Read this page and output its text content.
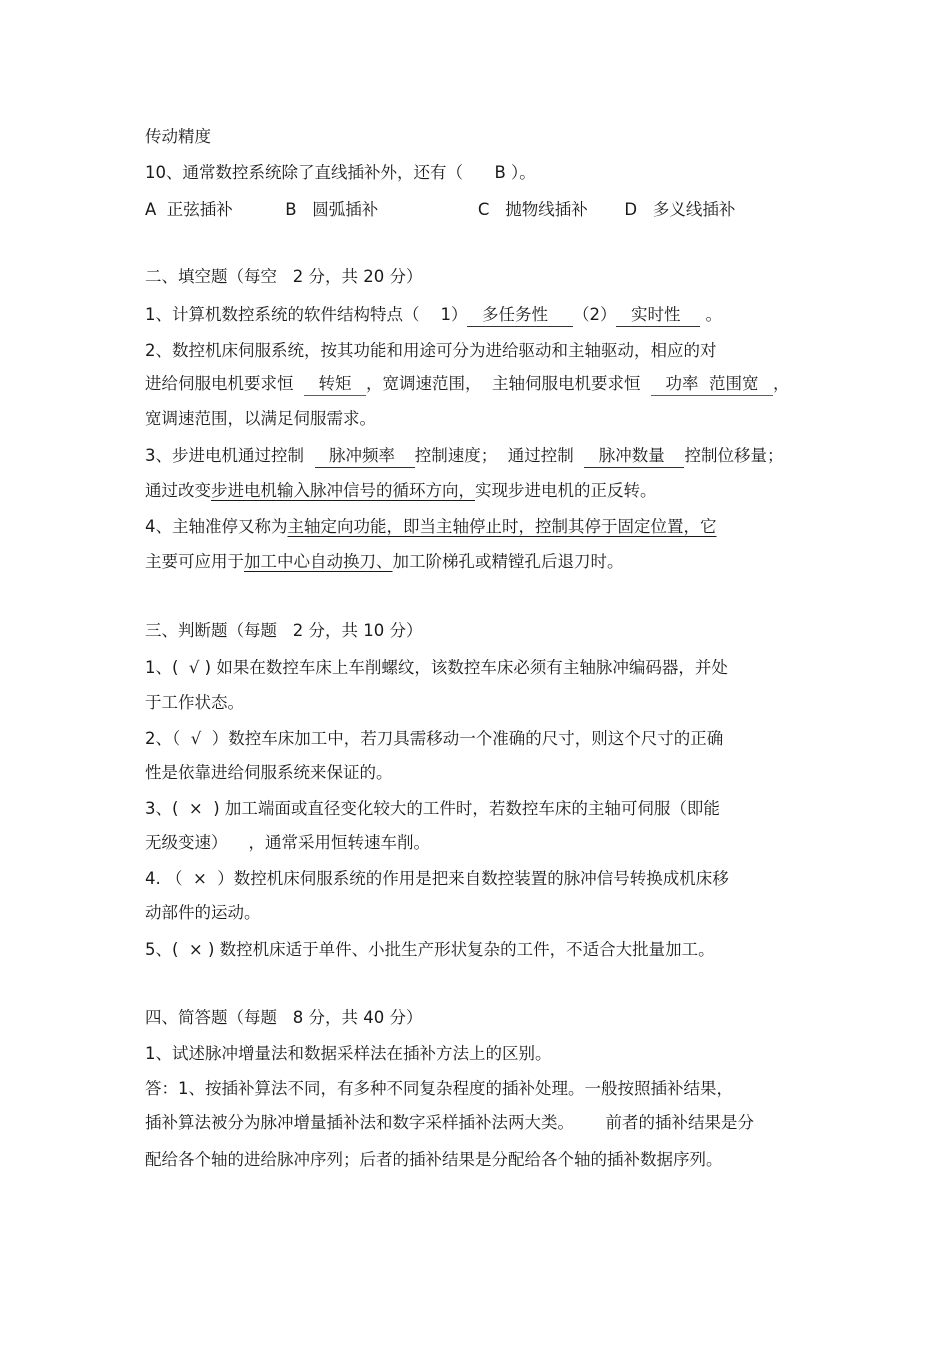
传动精度
10、通常数控系统除了直线插补外，还有（      B ）。
A  正弦插补          B   圆弧插补                   C   抛物线插补       D   多义线插补
二、填空题（每空   2 分，共 20 分）
1、计算机数控系统的软件结构特点（    1）  多任务性    （2）  实时性    。
2、数控机床伺服系统，按其功能和用途可分为进给驱动和主轴驱动，相应的对
进给伺服电机要求恒    转矩  ，宽调速范围，  主轴伺服电机要求恒    功率  范围宽  ，
宽调速范围，以满足伺服需求。
3、步进电机通过控制    脉冲频率   控制速度；  通过控制    脉冲数量   控制位移量；
通过改变步进电机输入脉冲信号的循环方向，实现步进电机的正反转。
4、主轴准停又称为主轴定向功能，即当主轴停止时，控制其停于固定位置，它
主要可应用于加工中心自动换刀、加工阶梯孔或精镗孔后退刀时。
三、判断题（每题   2 分，共 10 分）
1、(  √ ) 如果在数控车床上车削螺纹，该数控车床必须有主轴脉冲编码器，并处
于工作状态。
2、（  √  ）数控车床加工中，若刀具需移动一个准确的尺寸，则这个尺寸的正确
性是依靠进给伺服系统来保证的。
3、(  ×  ) 加工端面或直径变化较大的工件时，若数控车床的主轴可伺服（即能
无级变速）    ，通常采用恒转速车削。
4. （  ×  ）数控机床伺服系统的作用是把来自数控装置的脉冲信号转换成机床移
动部件的运动。
5、(  × ) 数控机床适于单件、小批生产形状复杂的工件，不适合大批量加工。
四、简答题（每题   8 分，共 40 分）
1、试述脉冲增量法和数据采样法在插补方法上的区别。
答：1、按插补算法不同，有多种不同复杂程度的插补处理。一般按照插补结果，
插补算法被分为脉冲增量插补法和数字采样插补法两大类。      前者的插补结果是分
配给各个轴的进给脉冲序列；后者的插补结果是分配给各个轴的插补数据序列。
